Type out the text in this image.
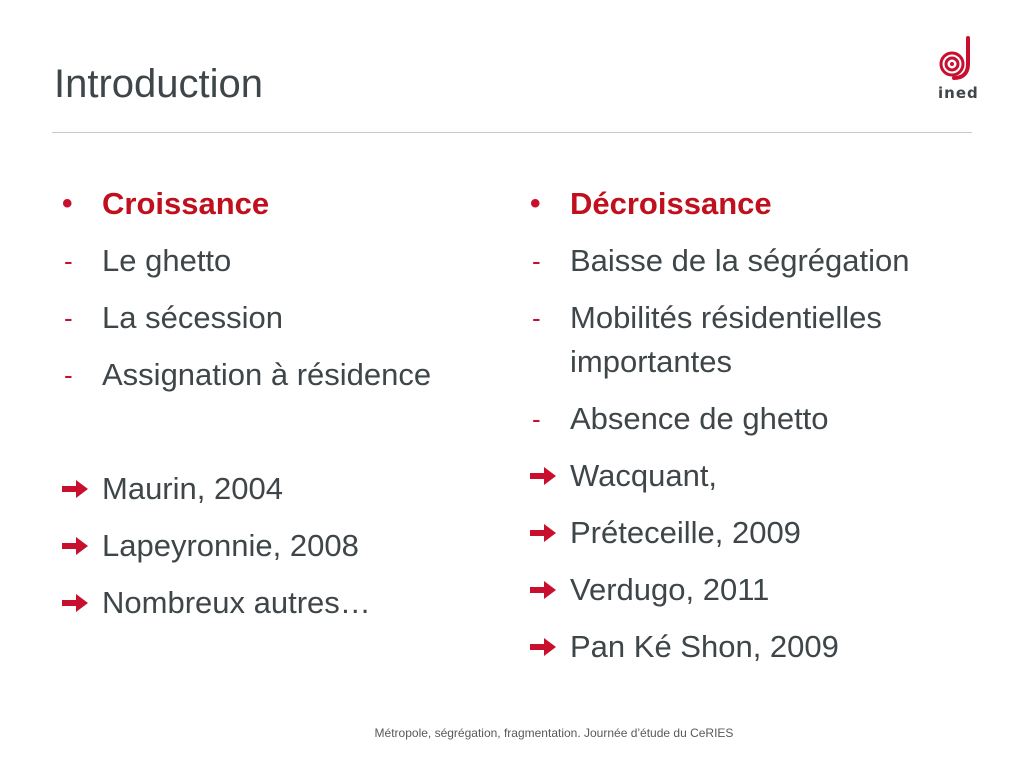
Introduction	ined
• Croissance
- Le ghetto
- La sécession
- Assignation à résidence
Maurin, 2004
Lapeyronnie, 2008
Nombreux autres…
• Décroissance
- Baisse de la ségrégation
- Mobilités résidentielles importantes
- Absence de ghetto
Wacquant,
Préteceille, 2009
Verdugo, 2011
Pan Ké Shon, 2009
Métropole, ségrégation, fragmentation. Journée d’étude du CeRIES
